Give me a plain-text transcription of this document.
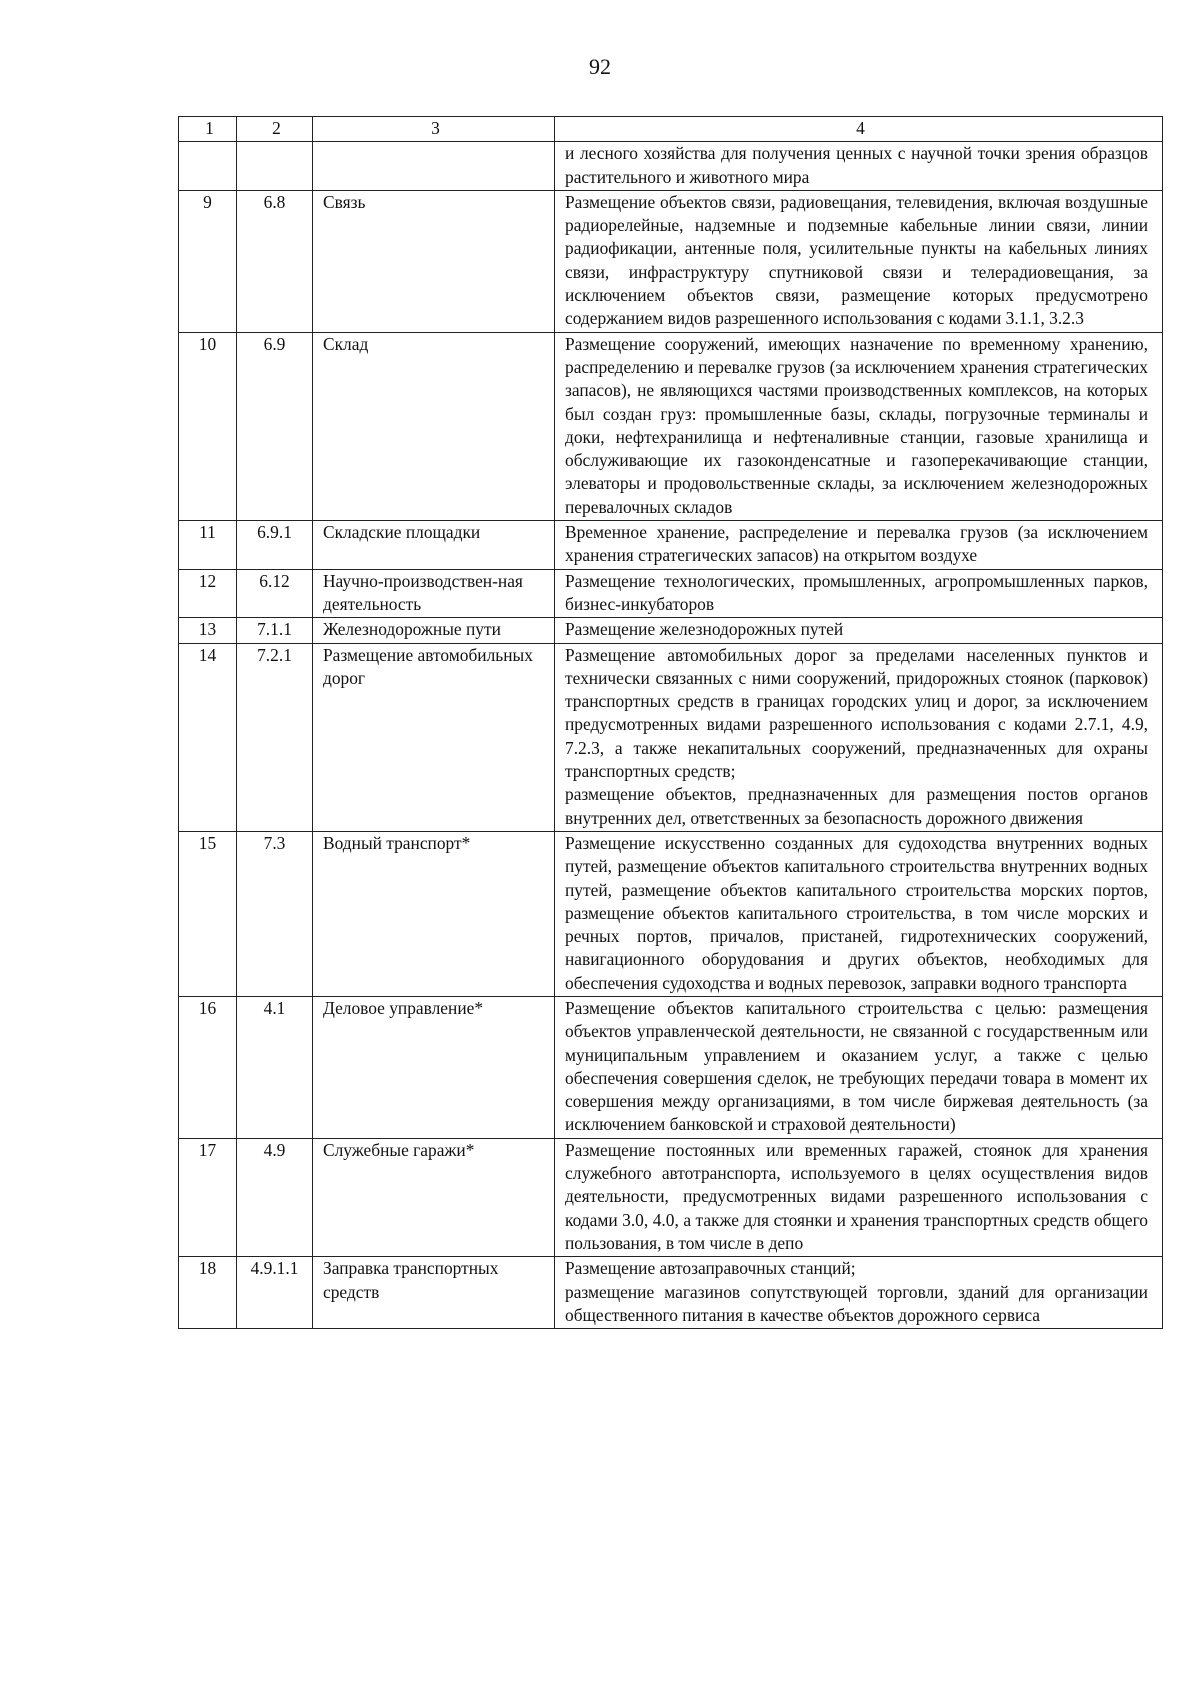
92
1	2	3	4

			и лесного хозяйства для получения ценных с научной точки зрения образцов растительного и животного мира

9	6.8	Связь	Размещение объектов связи, радиовещания, телевидения, включая воздушные радиорелейные, надземные и подземные кабельные линии связи, линии радиофикации, антенные поля, усилительные пункты на кабельных линиях связи, инфраструктуру спутниковой связи и телерадиовещания, за исключением объектов связи, размещение которых предусмотрено содержанием видов разрешенного использования с кодами 3.1.1, 3.2.3

10	6.9	Склад	Размещение сооружений, имеющих назначение по временному хранению, распределению и перевалке грузов (за исключением хранения стратегических запасов), не являющихся частями производственных комплексов, на которых был создан груз: промышленные базы, склады, погрузочные терминалы и доки, нефтехранилища и нефтеналивные станции, газовые хранилища и обслуживающие их газоконденсатные и газоперекачивающие станции, элеваторы и продовольственные склады, за исключением железнодорожных перевалочных складов

11	6.9.1	Складские площадки	Временное хранение, распределение и перевалка грузов (за исключением хранения стратегических запасов) на открытом воздухе

12	6.12	Научно-производствен-ная деятельность	Размещение технологических, промышленных, агропромышленных парков, бизнес-инкубаторов

13	7.1.1	Железнодорожные пути	Размещение железнодорожных путей

14	7.2.1	Размещение автомобильных дорог	Размещение автомобильных дорог за пределами населенных пунктов и технически связанных с ними сооружений, придорожных стоянок (парковок) транспортных средств в границах городских улиц и дорог, за исключением предусмотренных видами разрешенного использования с кодами 2.7.1, 4.9, 7.2.3, а также некапитальных сооружений, предназначенных для охраны транспортных средств;
размещение объектов, предназначенных для размещения постов органов внутренних дел, ответственных за безопасность дорожного движения

15	7.3	Водный транспорт*	Размещение искусственно созданных для судоходства внутренних водных путей, размещение объектов капитального строительства внутренних водных путей, размещение объектов капитального строительства морских портов, размещение объектов капитального строительства, в том числе морских и речных портов, причалов, пристаней, гидротехнических сооружений, навигационного оборудования и других объектов, необходимых для обеспечения судоходства и водных перевозок, заправки водного транспорта

16	4.1	Деловое управление*	Размещение объектов капитального строительства с целью: размещения объектов управленческой деятельности, не связанной с государственным или муниципальным управлением и оказанием услуг, а также с целью обеспечения совершения сделок, не требующих передачи товара в момент их совершения между организациями, в том числе биржевая деятельность (за исключением банковской и страховой деятельности)

17	4.9	Служебные гаражи*	Размещение постоянных или временных гаражей, стоянок для хранения служебного автотранспорта, используемого в целях осуществления видов деятельности, предусмотренных видами разрешенного использования с кодами 3.0, 4.0, а также для стоянки и хранения транспортных средств общего пользования, в том числе в депо

18	4.9.1.1	Заправка транспортных средств	Размещение автозаправочных станций;
размещение магазинов сопутствующей торговли, зданий для организации общественного питания в качестве объектов дорожного сервиса
